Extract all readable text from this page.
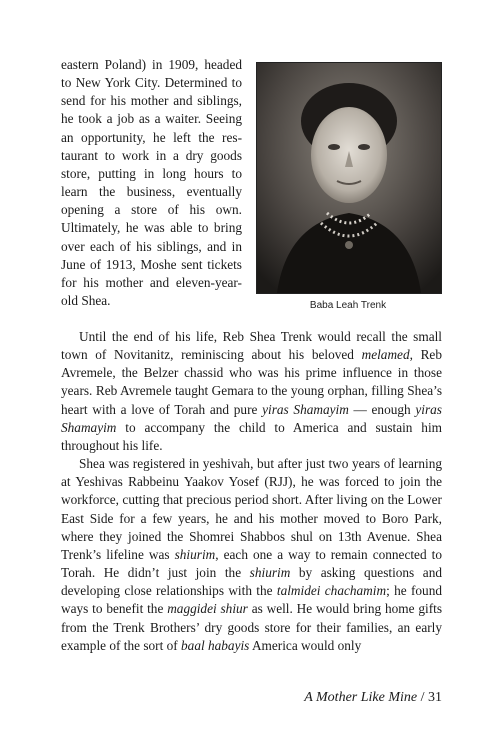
eastern Poland) in 1909, headed to New York City. Determined to send for his mother and siblings, he took a job as a waiter. Seeing an opportunity, he left the restaurant to work in a dry goods store, putting in long hours to learn the business, eventually opening a store of his own. Ultimately, he was able to bring over each of his siblings, and in June of 1913, Moshe sent tickets for his mother and eleven-year-old Shea.	Baba Leah Trenk

Until the end of his life, Reb Shea Trenk would recall the small town of Novitanitz, reminiscing about his beloved melamed, Reb Avremele, the Belzer chassid who was his prime influence in those years. Reb Avremele taught Gemara to the young orphan, filling Shea’s heart with a love of Torah and pure yiras Shamayim — enough yiras Shamayim to accompany the child to America and sustain him throughout his life.

Shea was registered in yeshivah, but after just two years of learning at Yeshivas Rabbeinu Yaakov Yosef (RJJ), he was forced to join the workforce, cutting that precious period short. After living on the Lower East Side for a few years, he and his mother moved to Boro Park, where they joined the Shomrei Shabbos shul on 13th Avenue. Shea Trenk’s lifeline was shiurim, each one a way to remain connected to Torah. He didn’t just join the shiurim by asking questions and developing close relationships with the talmidei chachamim; he found ways to benefit the maggidei shiur as well. He would bring home gifts from the Trenk Brothers’ dry goods store for their families, an early example of the sort of baal habayis America would only

A Mother Like Mine / 31
